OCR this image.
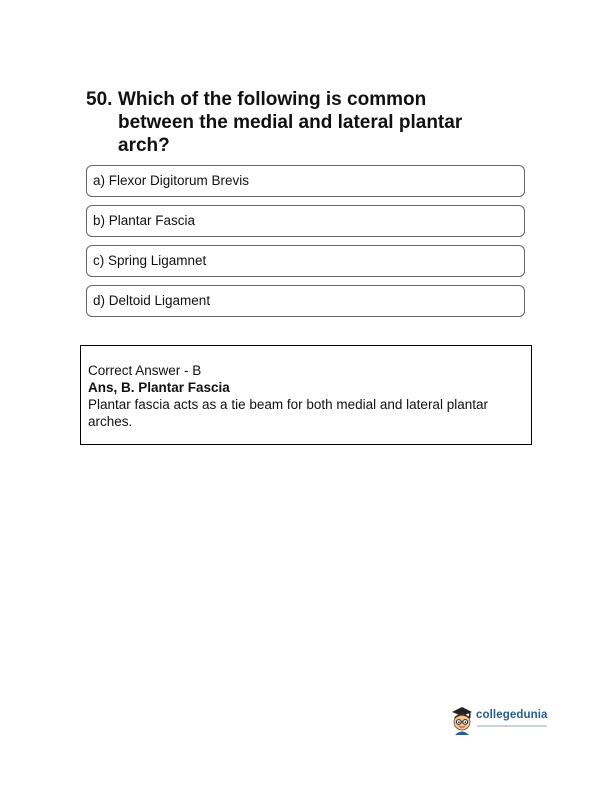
50. Which of the following is common between the medial and lateral plantar arch?
a) Flexor Digitorum Brevis
b) Plantar Fascia
c) Spring Ligamnet
d) Deltoid Ligament
Correct Answer - B
Ans, B. Plantar Fascia
Plantar fascia acts as a tie beam for both medial and lateral plantar arches.
collegedunia
